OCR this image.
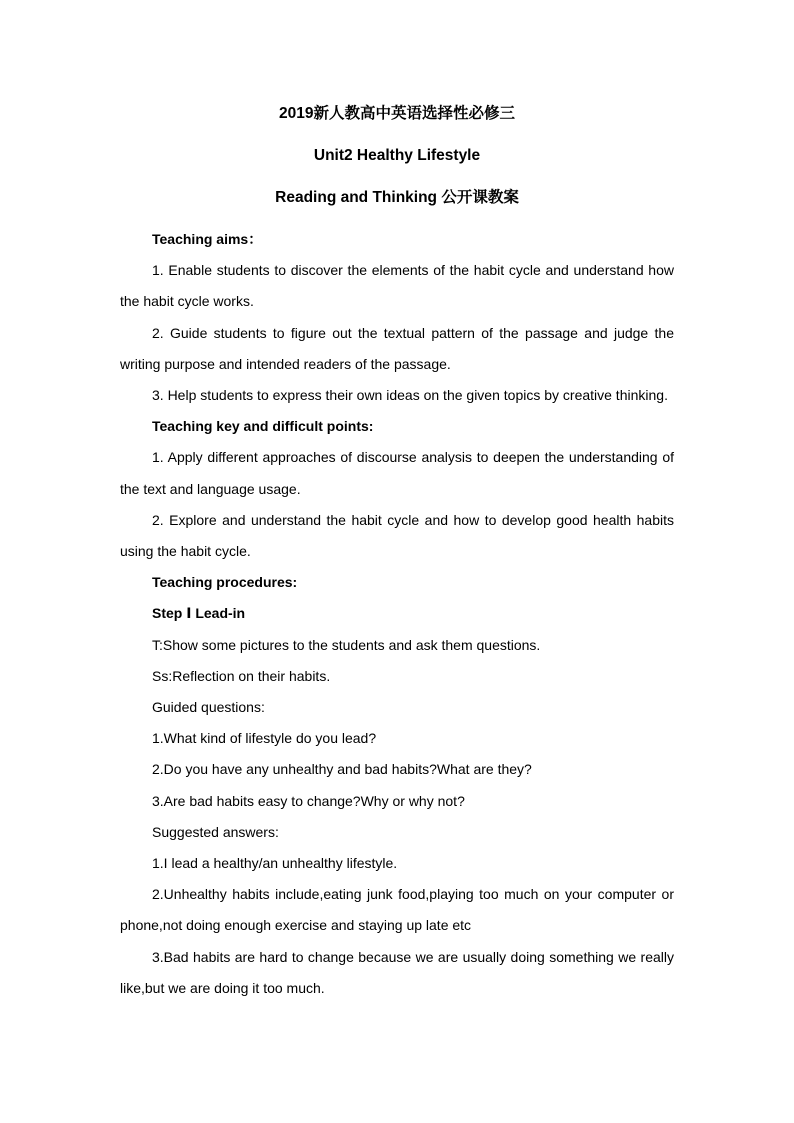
2019新人教高中英语选择性必修三

Unit2 Healthy Lifestyle

Reading and Thinking 公开课教案

Teaching aims：

1. Enable students to discover the elements of the habit cycle and understand how the habit cycle works.

2. Guide students to figure out the textual pattern of the passage and judge the writing purpose and intended readers of the passage.

3. Help students to express their own ideas on the given topics by creative thinking.

Teaching key and difficult points:

1. Apply different approaches of discourse analysis to deepen the understanding of the text and language usage.

2. Explore and understand the habit cycle and how to develop good health habits using the habit cycle.

Teaching procedures:

Step Ⅰ Lead-in

T:Show some pictures to the students and ask them questions.

Ss:Reflection on their habits.

Guided questions:

1.What kind of lifestyle do you lead?

2.Do you have any unhealthy and bad habits?What are they?

3.Are bad habits easy to change?Why or why not?

Suggested answers:

1.I lead a healthy/an unhealthy lifestyle.

2.Unhealthy habits include,eating junk food,playing too much on your computer or phone,not doing enough exercise and staying up late etc

3.Bad habits are hard to change because we are usually doing something we really like,but we are doing it too much.
